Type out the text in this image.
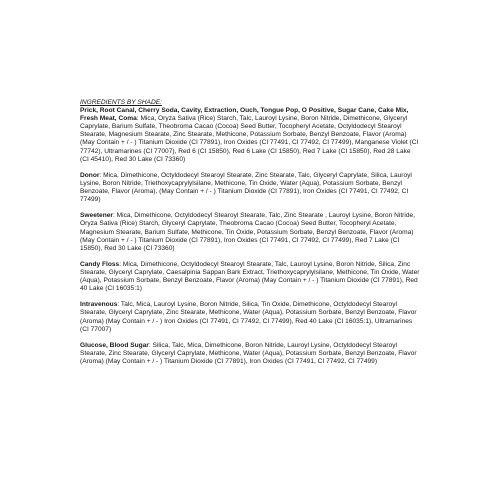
INGREDIENTS BY SHADE:

Prick, Root Canal, Cherry Soda, Cavity, Extraction, Ouch, Tongue Pop, O Positive, Sugar Cane, Cake Mix, Fresh Meat, Coma: Mica, Oryza Sativa (Rice) Starch, Talc, Lauroyl Lysine, Boron Nitride, Dimethicone, Glyceryl Caprylate, Barium Sulfate, Theobroma Cacao (Cocoa) Seed Butter, Tocopheryl Acetate, Octyldodecyl Stearoyl Stearate, Magnesium Stearate, Zinc Stearate, Methicone, Potassium Sorbate, Benzyl Benzoate, Flavor (Aroma) (May Contain + / - ) Titanium Dioxide (CI 77891), Iron Oxides (CI 77491, CI 77492, CI 77499), Manganese Violet (CI 77742), Ultramarines (CI 77007), Red 6 (CI 15850), Red 6 Lake (CI 15850), Red 7 Lake (CI 15850), Red 28 Lake (CI 45410), Red 30 Lake (CI 73360)

Donor: Mica, Dimethicone, Octyldodecyl Stearoyl Stearate, Zinc Stearate, Talc, Glyceryl Caprylate, Silica, Lauroyl Lysine, Boron Nitride, Triethoxycaprylylsilane, Methicone, Tin Oxide, Water (Aqua), Potassium Sorbate, Benzyl Benzoate, Flavor (Aroma), (May Contain + / - ) Titanium Dioxide (CI 77891), Iron Oxides (CI 77491, CI 77492, CI 77499)

Sweetener: Mica, Dimethicone, Octyldodecyl Stearoyl Stearate, Talc, Zinc Stearate , Lauroyl Lysine, Boron Nitride, Oryza Sativa (Rice) Starch, Glyceryl Caprylate, Theobroma Cacao (Cocoa) Seed Butter, Tocopheryl Acetate, Magnesium Stearate, Barium Sulfate, Methicone, Tin Oxide, Potassium Sorbate, Benzyl Benzoate, Flavor (Aroma) (May Contain + / - ) Titanium Dioxide (CI 77891), Iron Oxides (CI 77491, CI 77492, CI 77499), Red 7 Lake (CI 15850), Red 30 Lake (CI 73360)

Candy Floss: Mica, Dimethicone, Octyldodecyl Stearoyl Stearate, Talc, Lauroyl Lysine, Boron Nitride, Silica, Zinc Stearate, Glyceryl Caprylate, Caesalpinia Sappan Bark Extract, Triethoxycaprylylsilane, Methicone, Tin Oxide, Water (Aqua), Potassium Sorbate, Benzyl Benzoate, Flavor (Aroma) (May Contain + / - ) Titanium Dioxide (CI 77891), Red 40 Lake (CI 16035:1)

Intravenous: Talc, Mica, Lauroyl Lysine, Boron Nitride, Silica, Tin Oxide, Dimethicone, Octyldodecyl Stearoyl Stearate, Glyceryl Caprylate, Zinc Stearate, Methicone, Water (Aqua), Potassium Sorbate, Benzyl Benzoate, Flavor (Aroma) (May Contain + / - ) Iron Oxides (CI 77491, CI 77492, CI 77499), Red 40 Lake (CI 16035:1), Ultramarines (CI 77007)

Glucose, Blood Sugar: Silica, Talc, Mica, Dimethicone, Boron Nitride, Lauroyl Lysine, Octyldodecyl Stearoyl Stearate, Zinc Stearate, Glyceryl Caprylate, Methicone, Water (Aqua), Potassium Sorbate, Benzyl Benzoate, Flavor (Aroma) (May Contain + / - ) Titanium Dioxide (CI 77891), Iron Oxides (CI 77491, CI 77492, CI 77499)
